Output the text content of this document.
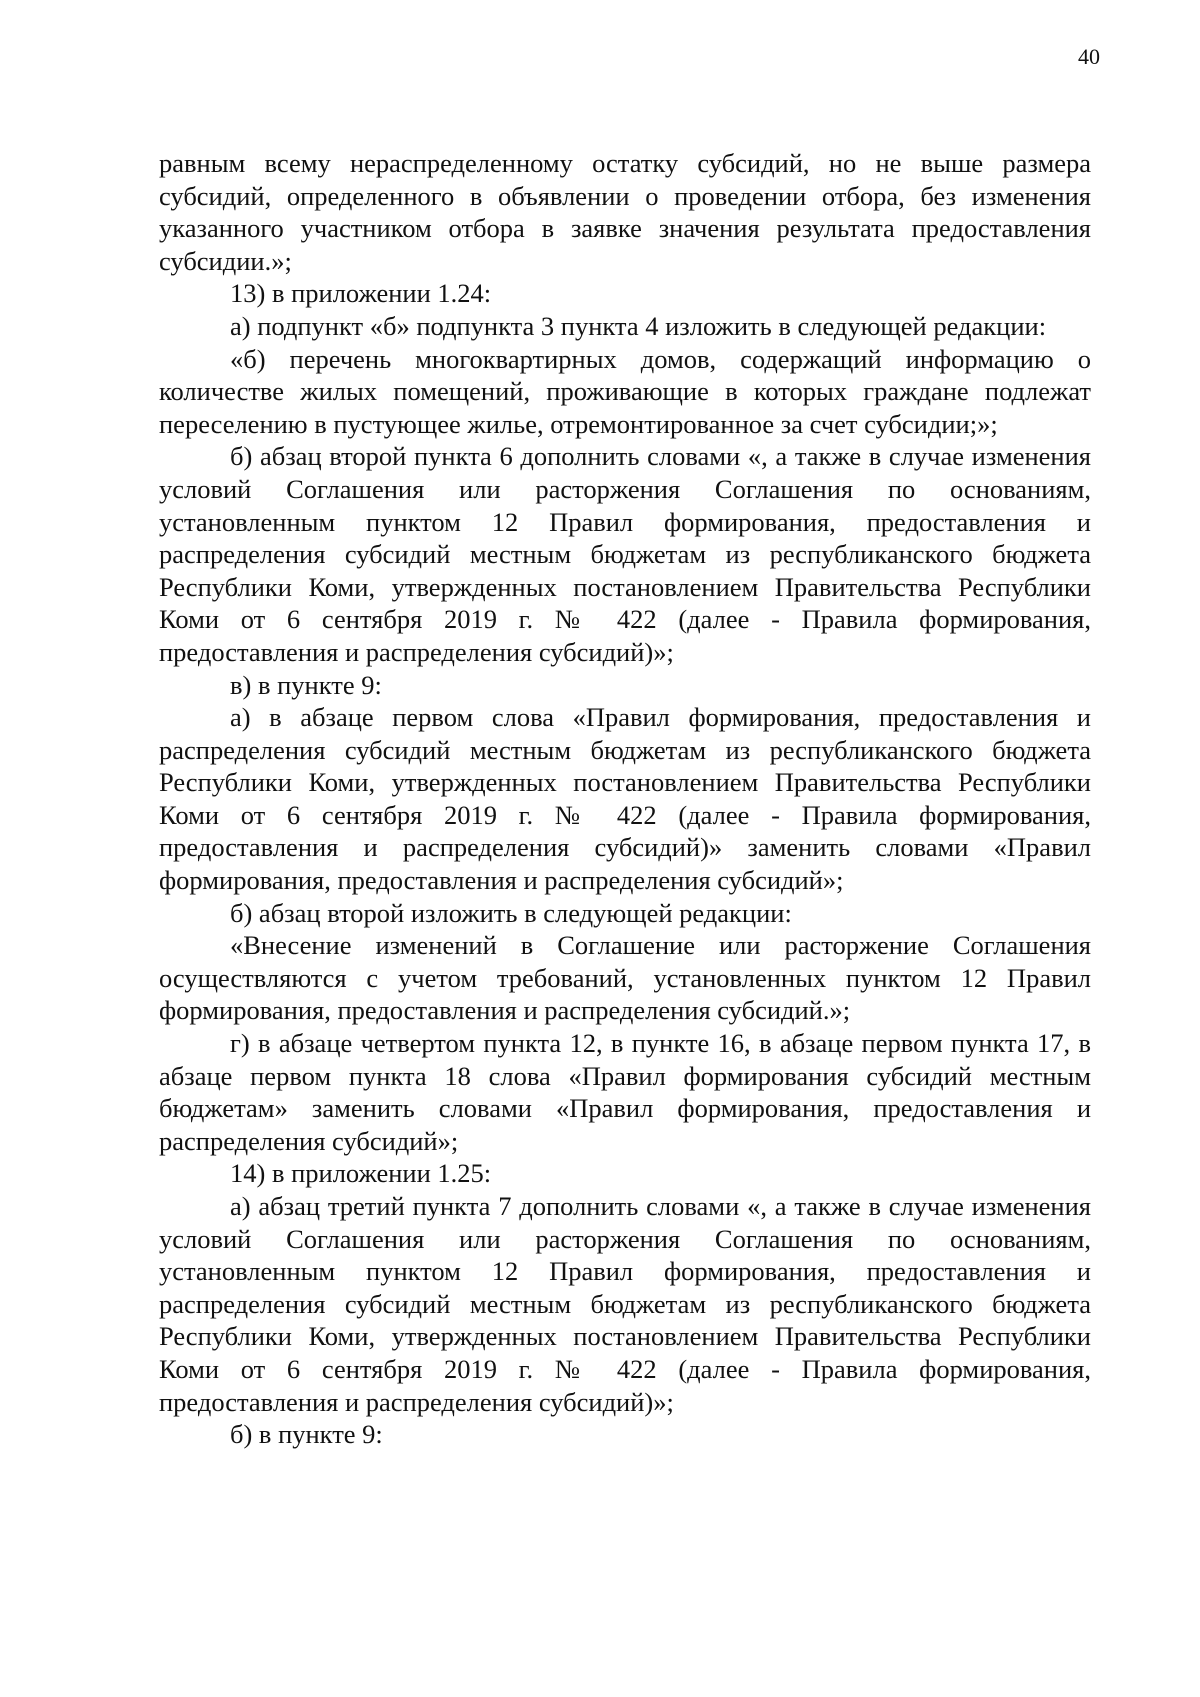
40

равным всему нераспределенному остатку субсидий, но не выше размера субсидий, определенного в объявлении о проведении отбора, без изменения указанного участником отбора в заявке значения результата предоставления субсидии.»;

13) в приложении 1.24:

а) подпункт «б» подпункта 3 пункта 4 изложить в следующей редакции:

«б) перечень многоквартирных домов, содержащий информацию о количестве жилых помещений, проживающие в которых граждане подлежат переселению в пустующее жилье, отремонтированное за счет субсидии;»;

б) абзац второй пункта 6 дополнить словами «, а также в случае изменения условий Соглашения или расторжения Соглашения по основаниям, установленным пунктом 12 Правил формирования, предоставления и распределения субсидий местным бюджетам из республиканского бюджета Республики Коми, утвержденных постановлением Правительства Республики Коми от 6 сентября 2019 г. № 422 (далее - Правила формирования, предоставления и распределения субсидий)»;

в) в пункте 9:

а) в абзаце первом слова «Правил формирования, предоставления и распределения субсидий местным бюджетам из республиканского бюджета Республики Коми, утвержденных постановлением Правительства Республики Коми от 6 сентября 2019 г. № 422 (далее - Правила формирования, предоставления и распределения субсидий)» заменить словами «Правил формирования, предоставления и распределения субсидий»;

б) абзац второй изложить в следующей редакции:

«Внесение изменений в Соглашение или расторжение Соглашения осуществляются с учетом требований, установленных пунктом 12 Правил формирования, предоставления и распределения субсидий.»;

г) в абзаце четвертом пункта 12, в пункте 16, в абзаце первом пункта 17, в абзаце первом пункта 18 слова «Правил формирования субсидий местным бюджетам» заменить словами «Правил формирования, предоставления и распределения субсидий»;

14) в приложении 1.25:

а) абзац третий пункта 7 дополнить словами «, а также в случае изменения условий Соглашения или расторжения Соглашения по основаниям, установленным пунктом 12 Правил формирования, предоставления и распределения субсидий местным бюджетам из республиканского бюджета Республики Коми, утвержденных постановлением Правительства Республики Коми от 6 сентября 2019 г. № 422 (далее - Правила формирования, предоставления и распределения субсидий)»;

б) в пункте 9:
